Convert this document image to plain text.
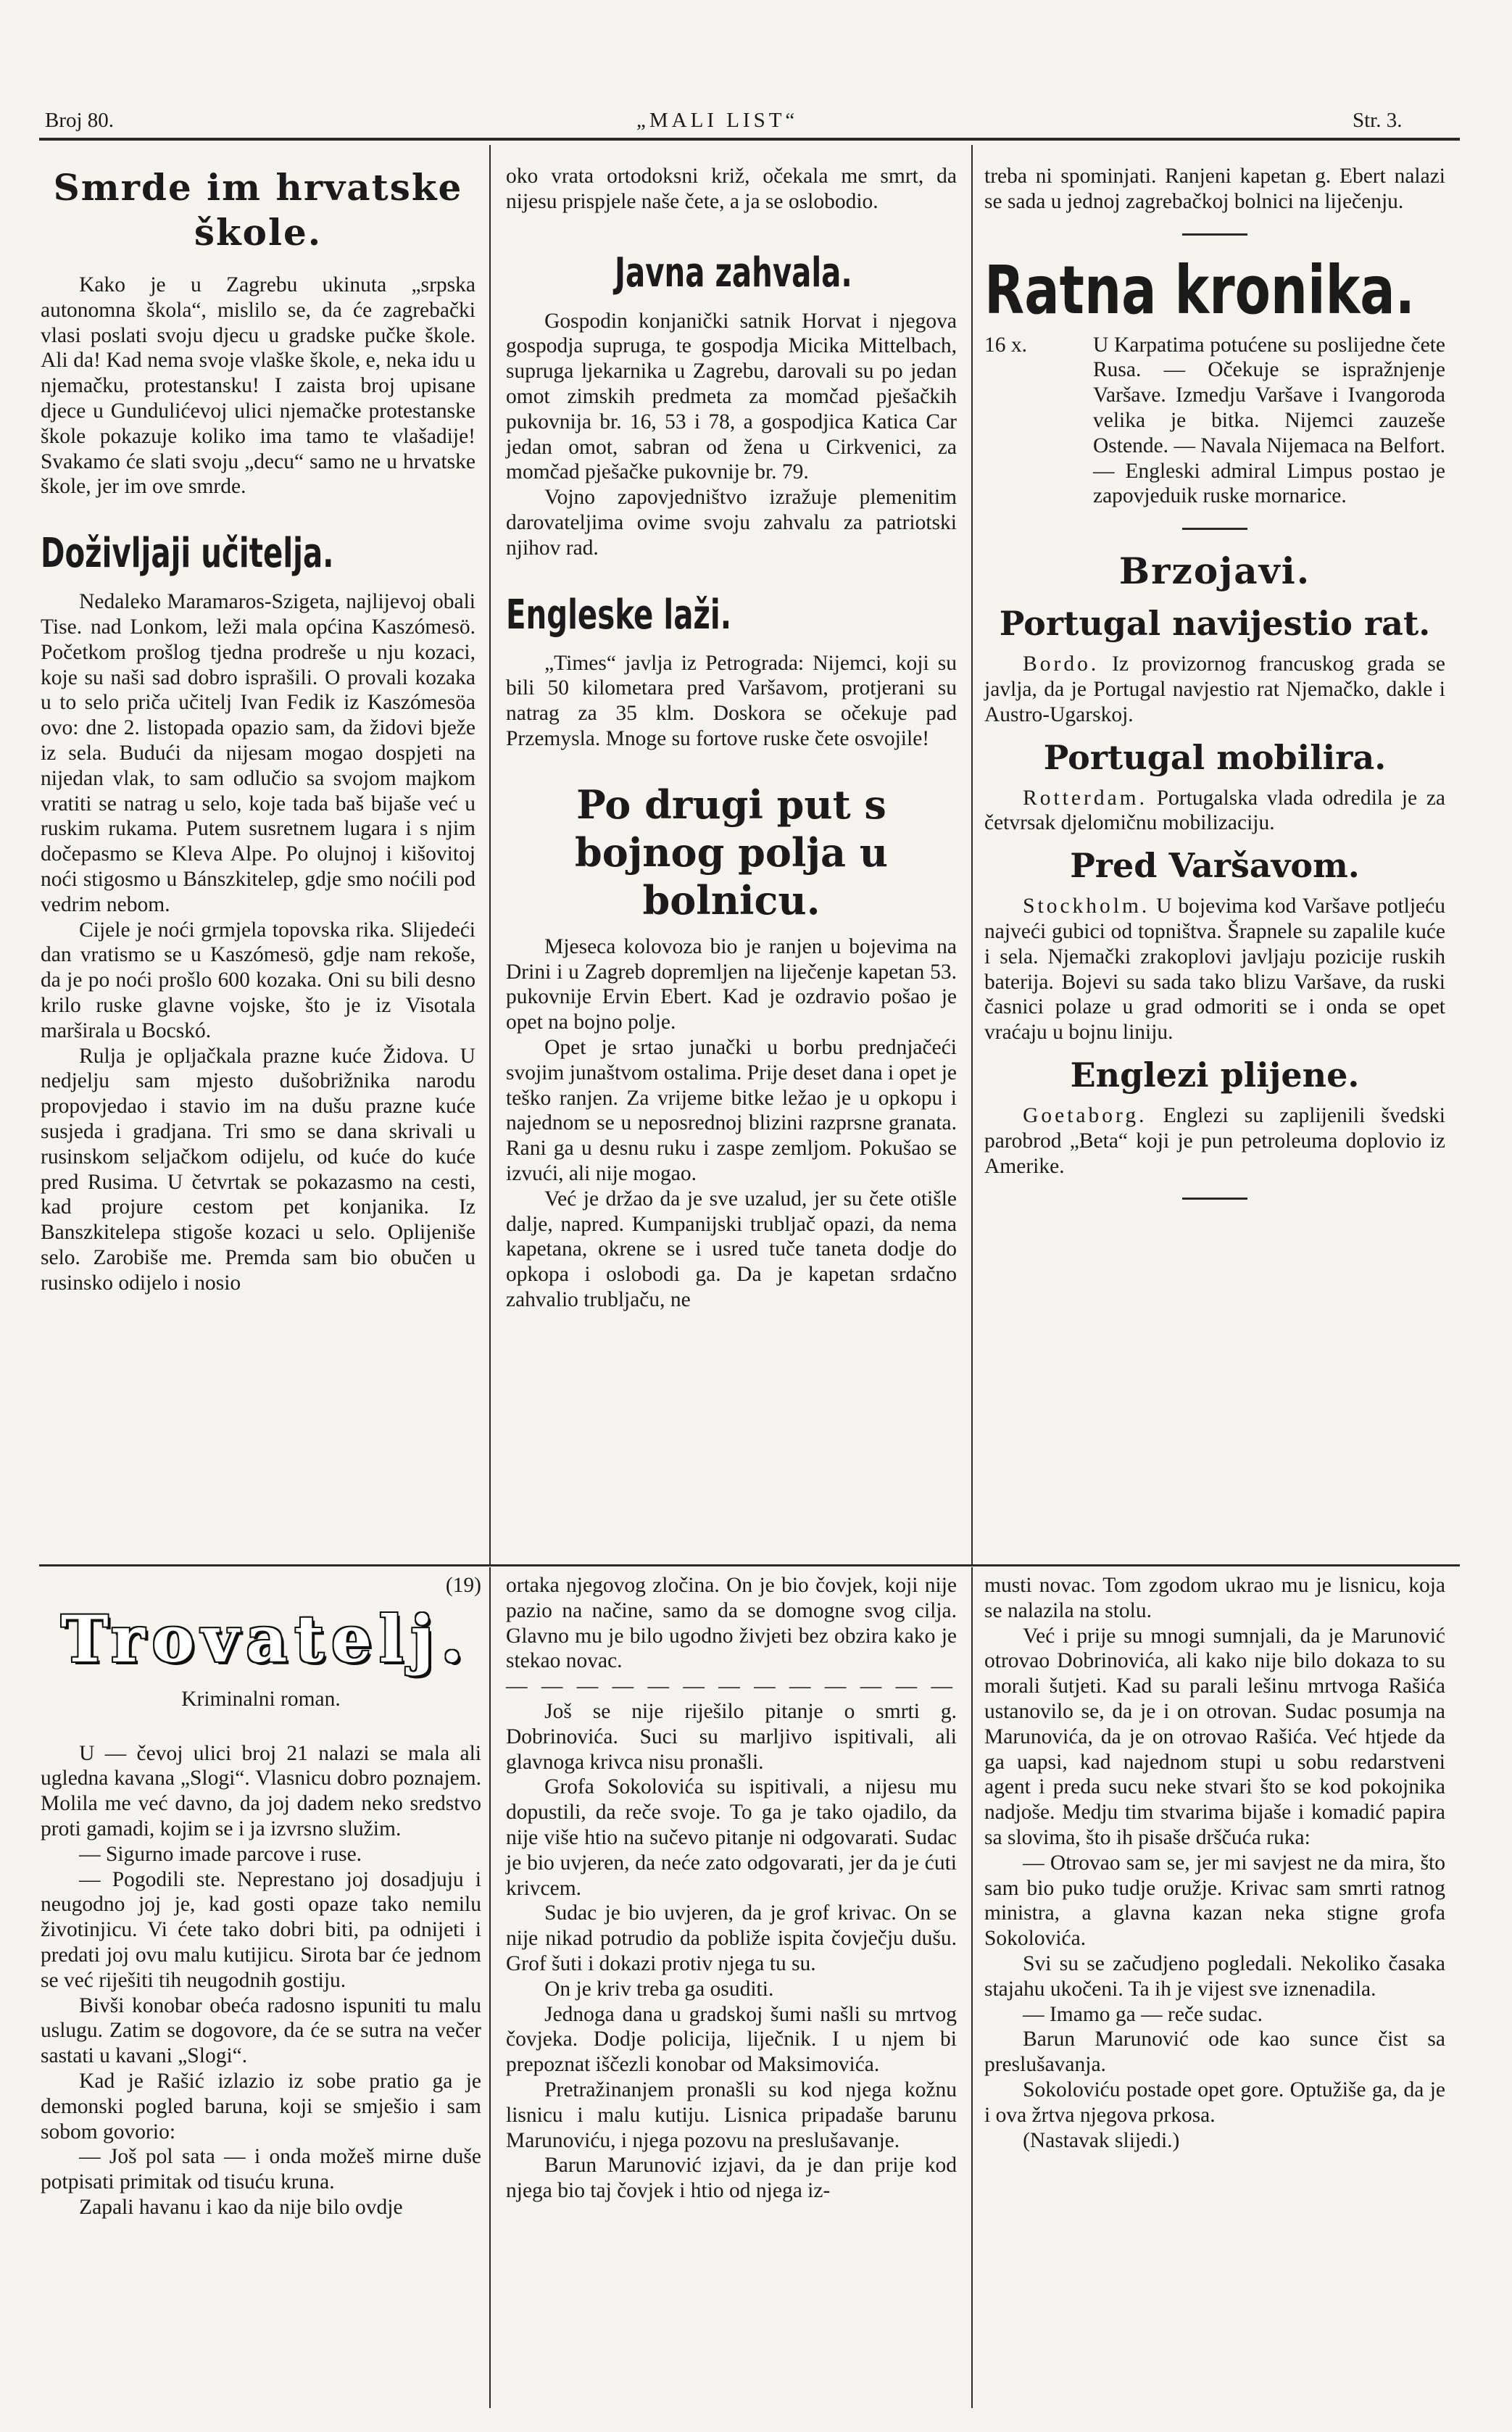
Broj 80.	„MALI LIST“	Str. 3.
Smrde im hrvatske škole.

Kako je u Zagrebu ukinuta „srpska autonomna škola“, mislilo se, da će zagrebački vlasi poslati svoju djecu u gradske pučke škole. Ali da! Kad nema svoje vlaške škole, e, neka idu u njemačku, protestansku! I zaista broj upisane djece u Gundulićevoj ulici njemačke protestanske škole pokazuje koliko ima tamo te vlašadije! Svakamo će slati svoju „decu“ samo ne u hrvatske škole, jer im ove smrde.

Doživljaji učitelja.

Nedaleko Maramaros-Szigeta, najlijevoj obali Tise. nad Lonkom, leži mala općina Kaszómesö. Početkom prošlog tjedna prodreše u nju kozaci, koje su naši sad dobro isprašili. O provali kozaka u to selo priča učitelj Ivan Fedik iz Kaszómesöa ovo: dne 2. listopada opazio sam, da židovi bježe iz sela. Budući da nijesam mogao dospjeti na nijedan vlak, to sam odlučio sa svojom majkom vratiti se natrag u selo, koje tada baš bijaše već u ruskim rukama. Putem susretnem lugara i s njim dočepasmo se Kleva Alpe. Po olujnoj i kišovitoj noći stigosmo u Bánszkitelep, gdje smo noćili pod vedrim nebom.

Cijele je noći grmjela topovska rika. Slijedeći dan vratismo se u Kaszómesö, gdje nam rekoše, da je po noći prošlo 600 kozaka. Oni su bili desno krilo ruske glavne vojske, što je iz Visotala marširala u Bocskó.

Rulja je opljačkala prazne kuće Židova. U nedjelju sam mjesto dušobrižnika narodu propovjedao i stavio im na dušu prazne kuće susjeda i gradjana. Tri smo se dana skrivali u rusinskom seljačkom odijelu, od kuće do kuće pred Rusima. U četvrtak se pokazasmo na cesti, kad projure cestom pet konjanika. Iz Banszkitelepa stigoše kozaci u selo. Oplijeniše selo. Zarobiše me. Premda sam bio obučen u rusinsko odijelo i nosio

oko vrata ortodoksni križ, očekala me smrt, da nijesu prispjele naše čete, a ja se oslobodio.

Javna zahvala.

Gospodin konjanički satnik Horvat i njegova gospodja supruga, te gospodja Micika Mittelbach, supruga ljekarnika u Zagrebu, darovali su po jedan omot zimskih predmeta za momčad pješačkih pukovnija br. 16, 53 i 78, a gospodjica Katica Car jedan omot, sabran od žena u Cirkvenici, za momčad pješačke pukovnije br. 79.

Vojno zapovjedništvo izražuje plemenitim darovateljima ovime svoju zahvalu za patriotski njihov rad.

Engleske laži.

„Times“ javlja iz Petrograda: Nijemci, koji su bili 50 kilometara pred Varšavom, protjerani su natrag za 35 klm. Doskora se očekuje pad Przemysla. Mnoge su fortove ruske čete osvojile!

Po drugi put s bojnog polja u bolnicu.

Mjeseca kolovoza bio je ranjen u bojevima na Drini i u Zagreb dopremljen na liječenje kapetan 53. pukovnije Ervin Ebert. Kad je ozdravio pošao je opet na bojno polje.

Opet je srtao junački u borbu prednjačeći svojim junaštvom ostalima. Prije deset dana i opet je teško ranjen. Za vrijeme bitke ležao je u opkopu i najednom se u neposrednoj blizini razprsne granata. Rani ga u desnu ruku i zaspe zemljom. Pokušao se izvući, ali nije mogao.

Već je držao da je sve uzalud, jer su čete otišle dalje, napred. Kumpanijski trubljač opazi, da nema kapetana, okrene se i usred tuče taneta dodje do opkopa i oslobodi ga. Da je kapetan srdačno zahvalio trubljaču, ne

treba ni spominjati. Ranjeni kapetan g. Ebert nalazi se sada u jednoj zagrebačkoj bolnici na liječenju.

Ratna kronika.
16 x.	U Karpatima potućene su poslijedne čete Rusa. — Očekuje se ispražnjenje Varšave. Izmedju Varšave i Ivangoroda velika je bitka. Nijemci zauzeše Ostende. — Navala Nijemaca na Belfort. — Engleski admiral Limpus postao je zapovjeduik ruske mornarice.
Brzojavi.
Portugal navijestio rat.

Bordo. Iz provizornog francuskog grada se javlja, da je Portugal navjestio rat Njemačko, dakle i Austro-Ugarskoj.

Portugal mobilira.

Rotterdam. Portugalska vlada odredila je za četvrsak djelomičnu mobilizaciju.

Pred Varšavom.

Stockholm. U bojevima kod Varšave potljeću najveći gubici od topništva. Šrapnele su zapalile kuće i sela. Njemački zrakoplovi javljaju pozicije ruskih baterija. Bojevi su sada tako blizu Varšave, da ruski časnici polaze u grad odmoriti se i onda se opet vraćaju u bojnu liniju.

Englezi plijene.

Goetaborg. Englezi su zaplijenili švedski parobrod „Beta“ koji je pun petroleuma doplovio iz Amerike.

(19)
Trovatelj.
Kriminalni roman.

U — čevoj ulici broj 21 nalazi se mala ali ugledna kavana „Slogi“. Vlasnicu dobro poznajem. Molila me već davno, da joj dadem neko sredstvo proti gamadi, kojim se i ja izvrsno služim.

— Sigurno imade parcove i ruse.

— Pogodili ste. Neprestano joj dosadjuju i neugodno joj je, kad gosti opaze tako nemilu životinjicu. Vi ćete tako dobri biti, pa odnijeti i predati joj ovu malu kutijicu. Sirota bar će jednom se već riješiti tih neugodnih gostiju.

Bivši konobar obeća radosno ispuniti tu malu uslugu. Zatim se dogovore, da će se sutra na večer sastati u kavani „Slogi“.

Kad je Rašić izlazio iz sobe pratio ga je demonski pogled baruna, koji se smješio i sam sobom govorio:

— Još pol sata — i onda možeš mirne duše potpisati primitak od tisuću kruna.

Zapali havanu i kao da nije bilo ovdje

ortaka njegovog zločina. On je bio čovjek, koji nije pazio na načine, samo da se domogne svog cilja. Glavno mu je bilo ugodno živjeti bez obzira kako je stekao novac.

— — — — — — — — — — — — —

Još se nije riješilo pitanje o smrti g. Dobrinovića. Suci su marljivo ispitivali, ali glavnoga krivca nisu pronašli.

Grofa Sokolovića su ispitivali, a nijesu mu dopustili, da reče svoje. To ga je tako ojadilo, da nije više htio na sučevo pitanje ni odgovarati. Sudac je bio uvjeren, da neće zato odgovarati, jer da je ćuti krivcem.

Sudac je bio uvjeren, da je grof krivac. On se nije nikad potrudio da pobliže ispita čovječju dušu. Grof šuti i dokazi protiv njega tu su.

On je kriv treba ga osuditi.

Jednoga dana u gradskoj šumi našli su mrtvog čovjeka. Dodje policija, liječnik. I u njem bi prepoznat iščezli konobar od Maksimovića.

Pretražinanjem pronašli su kod njega kožnu lisnicu i malu kutiju. Lisnica pripadaše barunu Marunoviću, i njega pozovu na preslušavanje.

Barun Marunović izjavi, da je dan prije kod njega bio taj čovjek i htio od njega iz-

musti novac. Tom zgodom ukrao mu je lisnicu, koja se nalazila na stolu.

Već i prije su mnogi sumnjali, da je Marunović otrovao Dobrinovića, ali kako nije bilo dokaza to su morali šutjeti. Kad su parali lešinu mrtvoga Rašića ustanovilo se, da je i on otrovan. Sudac posumja na Marunovića, da je on otrovao Rašića. Već htjede da ga uapsi, kad najednom stupi u sobu redarstveni agent i preda sucu neke stvari što se kod pokojnika nadjoše. Medju tim stvarima bijaše i komadić papira sa slovima, što ih pisaše drščuća ruka:

— Otrovao sam se, jer mi savjest ne da mira, što sam bio puko tudje oružje. Krivac sam smrti ratnog ministra, a glavna kazan neka stigne grofa Sokolovića.

Svi su se začudjeno pogledali. Nekoliko časaka stajahu ukočeni. Ta ih je vijest sve iznenadila.

— Imamo ga — reče sudac.

Barun Marunović ode kao sunce čist sa preslušavanja.

Sokoloviću postade opet gore. Optužiše ga, da je i ova žrtva njegova prkosa.

(Nastavak slijedi.)
